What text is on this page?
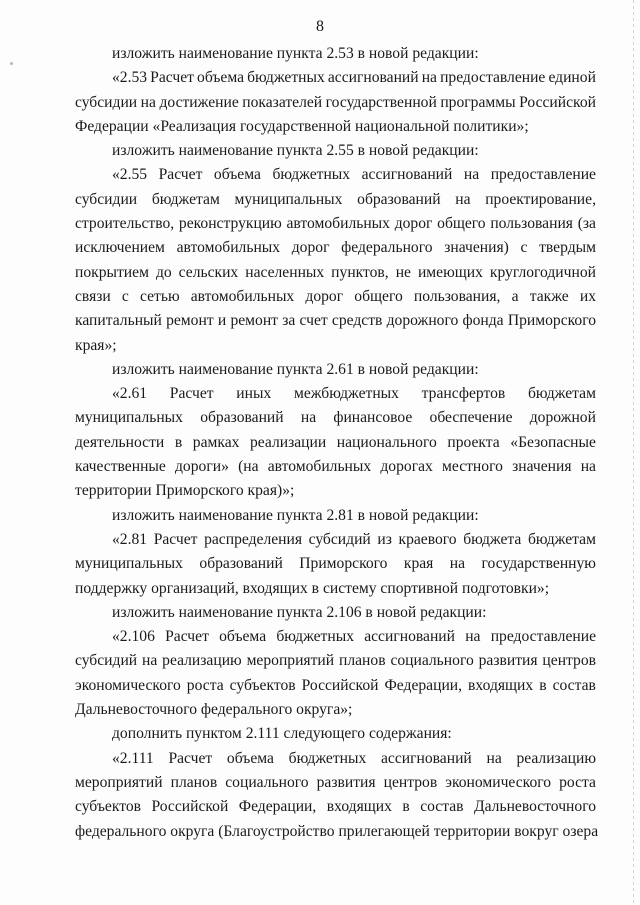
8
изложить наименование пункта 2.53 в новой редакции:
«2.53 Расчет объема бюджетных ассигнований на предоставление единой
субсидии на достижение показателей государственной программы Российской
Федерации «Реализация государственной национальной политики»;
изложить наименование пункта 2.55 в новой редакции:
«2.55 Расчет объема бюджетных ассигнований на предоставление
субсидии бюджетам муниципальных образований на проектирование,
строительство, реконструкцию автомобильных дорог общего пользования (за
исключением автомобильных дорог федерального значения) с твердым
покрытием до сельских населенных пунктов, не имеющих круглогодичной
связи с сетью автомобильных дорог общего пользования, а также их
капитальный ремонт и ремонт за счет средств дорожного фонда Приморского
края»;
изложить наименование пункта 2.61 в новой редакции:
«2.61 Расчет иных межбюджетных трансфертов бюджетам
муниципальных образований на финансовое обеспечение дорожной
деятельности в рамках реализации национального проекта «Безопасные
качественные дороги» (на автомобильных дорогах местного значения на
территории Приморского края)»;
изложить наименование пункта 2.81 в новой редакции:
«2.81 Расчет распределения субсидий из краевого бюджета бюджетам
муниципальных образований Приморского края на государственную
поддержку организаций, входящих в систему спортивной подготовки»;
изложить наименование пункта 2.106 в новой редакции:
«2.106 Расчет объема бюджетных ассигнований на предоставление
субсидий на реализацию мероприятий планов социального развития центров
экономического роста субъектов Российской Федерации, входящих в состав
Дальневосточного федерального округа»;
дополнить пунктом 2.111 следующего содержания:
«2.111 Расчет объема бюджетных ассигнований на реализацию
мероприятий планов социального развития центров экономического роста
субъектов Российской Федерации, входящих в состав Дальневосточного
федерального округа (Благоустройство прилегающей территории вокруг озера
